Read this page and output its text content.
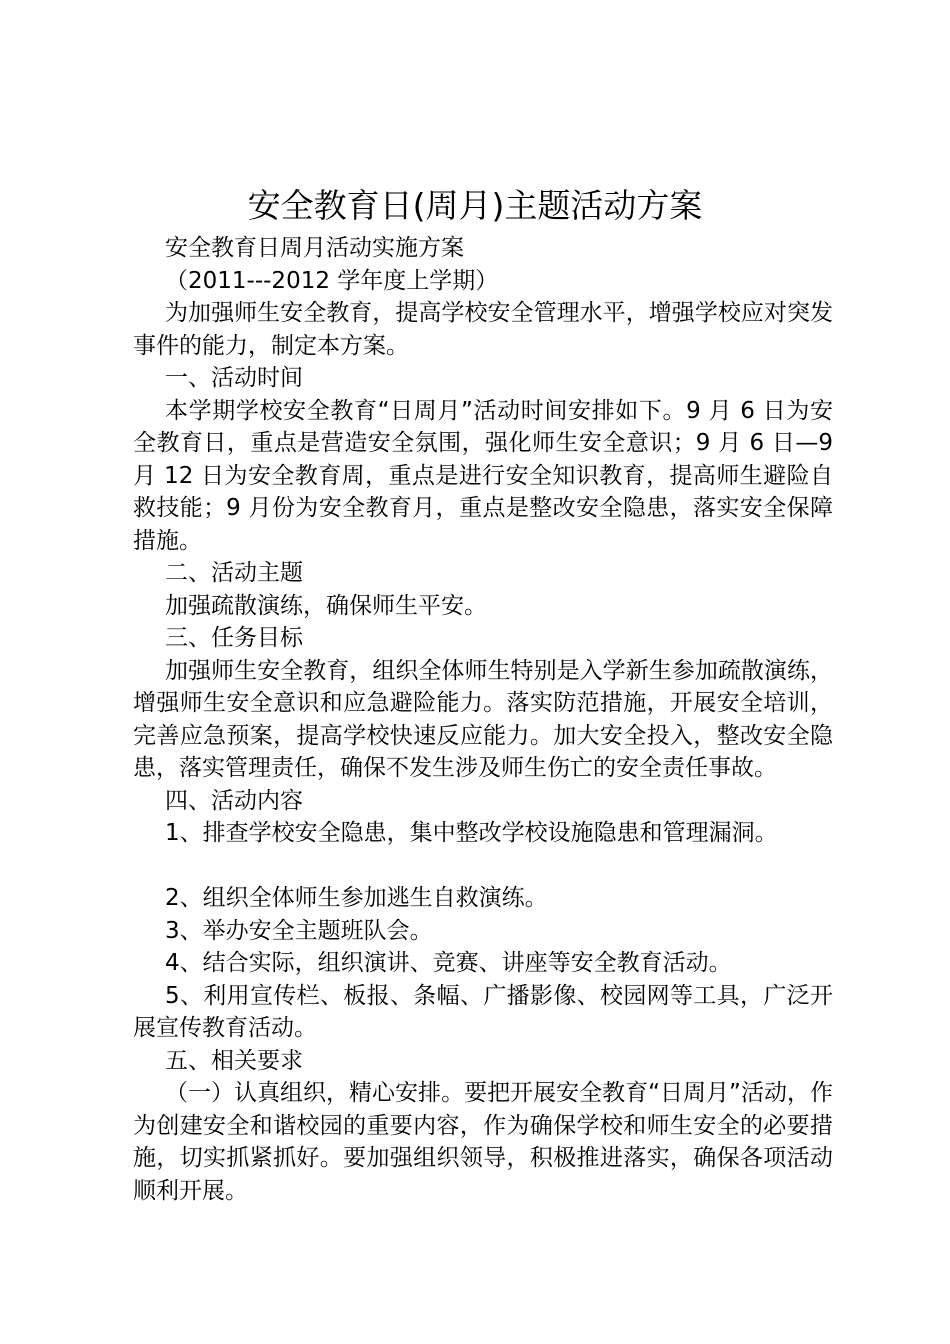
安全教育日(周月)主题活动方案

安全教育日周月活动实施方案

（2011---2012 学年度上学期）

为加强师生安全教育，提高学校安全管理水平，增强学校应对突发事件的能力，制定本方案。

一、活动时间

本学期学校安全教育“日周月”活动时间安排如下。9 月 6 日为安全教育日，重点是营造安全氛围，强化师生安全意识；9 月 6 日—9 月 12 日为安全教育周，重点是进行安全知识教育，提高师生避险自救技能；9 月份为安全教育月，重点是整改安全隐患，落实安全保障措施。

二、活动主题

加强疏散演练，确保师生平安。

三、任务目标

加强师生安全教育，组织全体师生特别是入学新生参加疏散演练，增强师生安全意识和应急避险能力。落实防范措施，开展安全培训，完善应急预案，提高学校快速反应能力。加大安全投入，整改安全隐患，落实管理责任，确保不发生涉及师生伤亡的安全责任事故。

四、活动内容

1、排查学校安全隐患，集中整改学校设施隐患和管理漏洞。

2、组织全体师生参加逃生自救演练。

3、举办安全主题班队会。

4、结合实际，组织演讲、竞赛、讲座等安全教育活动。

5、利用宣传栏、板报、条幅、广播影像、校园网等工具，广泛开展宣传教育活动。

五、相关要求

（一）认真组织，精心安排。要把开展安全教育“日周月”活动，作为创建安全和谐校园的重要内容，作为确保学校和师生安全的必要措施，切实抓紧抓好。要加强组织领导，积极推进落实，确保各项活动顺利开展。
